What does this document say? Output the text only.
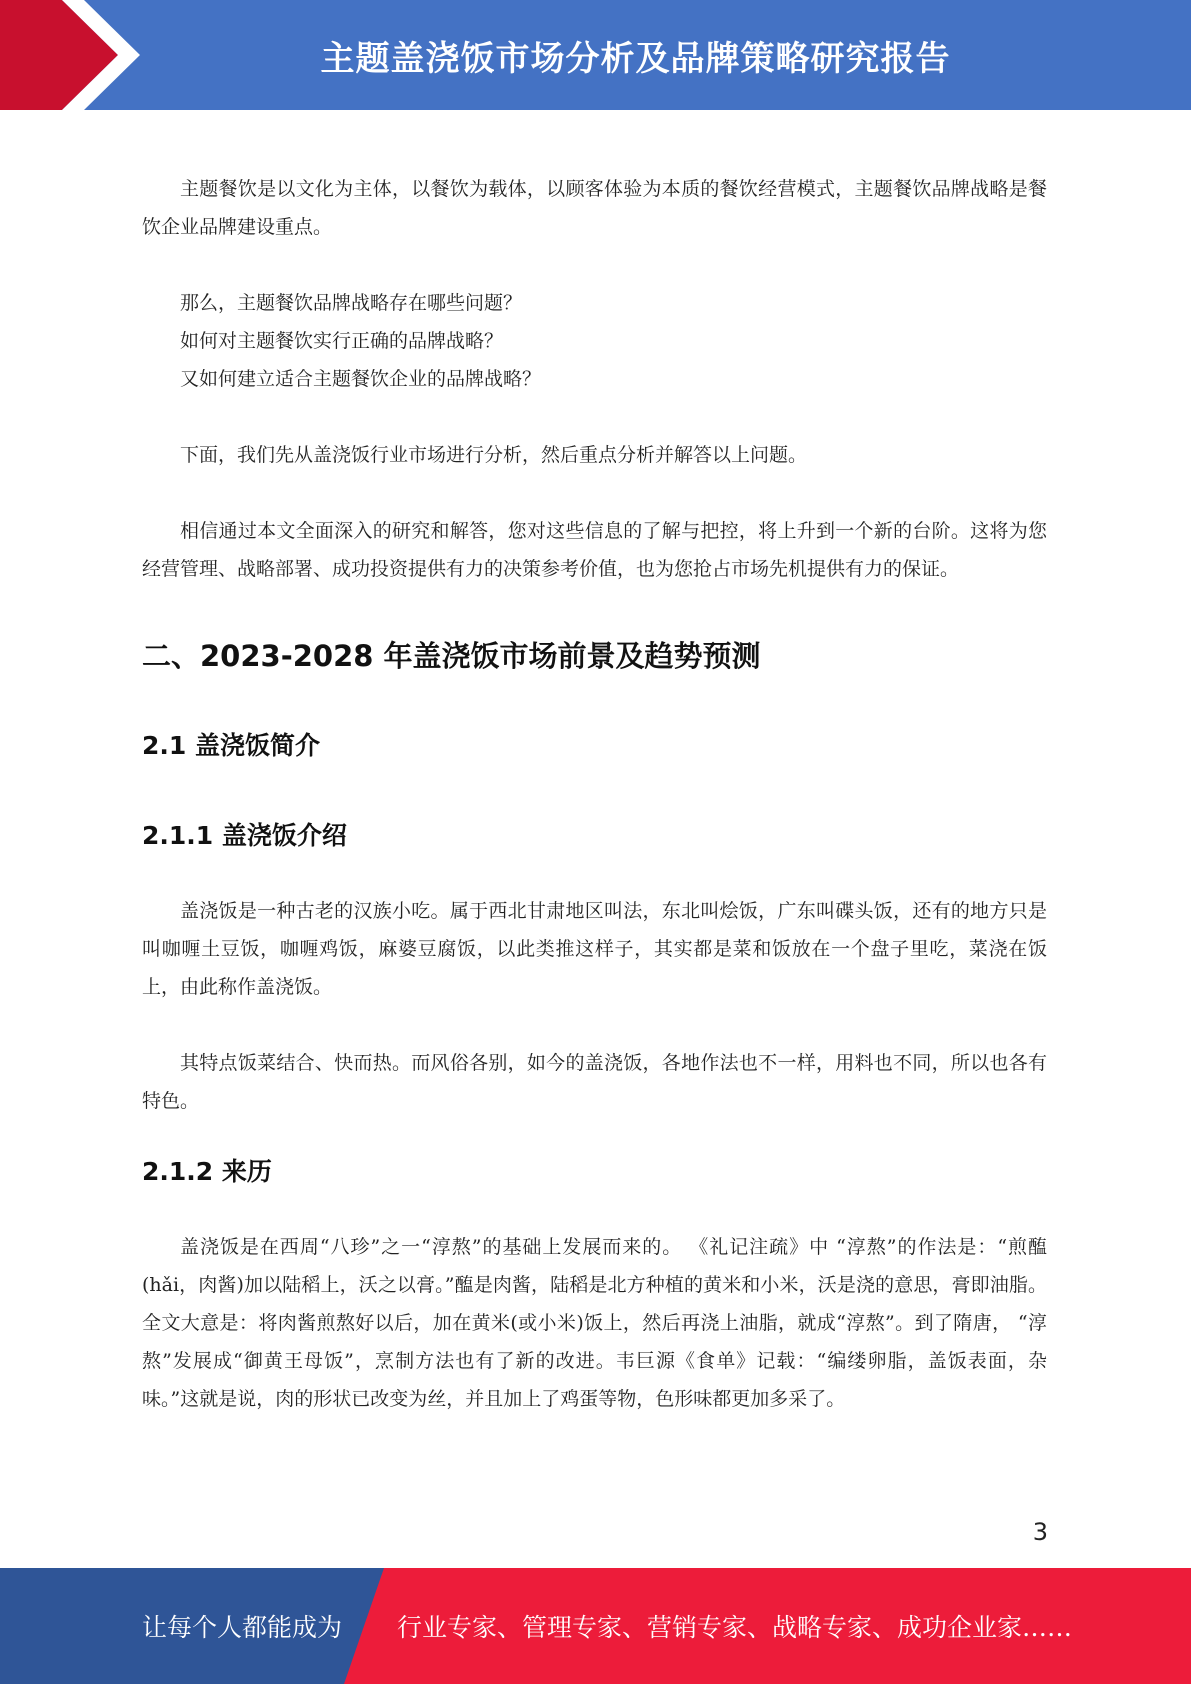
主题盖浇饭市场分析及品牌策略研究报告

主题餐饮是以文化为主体，以餐饮为载体，以顾客体验为本质的餐饮经营模式，主题餐饮品牌战略是餐饮企业品牌建设重点。

那么，主题餐饮品牌战略存在哪些问题？

如何对主题餐饮实行正确的品牌战略？

又如何建立适合主题餐饮企业的品牌战略？

下面，我们先从盖浇饭行业市场进行分析，然后重点分析并解答以上问题。

相信通过本文全面深入的研究和解答，您对这些信息的了解与把控，将上升到一个新的台阶。这将为您经营管理、战略部署、成功投资提供有力的决策参考价值，也为您抢占市场先机提供有力的保证。

二、2023-2028 年盖浇饭市场前景及趋势预测
2.1 盖浇饭简介
2.1.1 盖浇饭介绍

盖浇饭是一种古老的汉族小吃。属于西北甘肃地区叫法，东北叫烩饭，广东叫碟头饭，还有的地方只是叫咖喱土豆饭，咖喱鸡饭，麻婆豆腐饭，以此类推这样子，其实都是菜和饭放在一个盘子里吃，菜浇在饭上，由此称作盖浇饭。

其特点饭菜结合、快而热。而风俗各别，如今的盖浇饭，各地作法也不一样，用料也不同，所以也各有特色。

2.1.2 来历

盖浇饭是在西周“八珍”之一“淳熬”的基础上发展而来的。 《礼记注疏》中 “淳熬”的作法是：“煎醢(hǎi，肉酱)加以陆稻上，沃之以膏。”醢是肉酱，陆稻是北方种植的黄米和小米，沃是浇的意思，膏即油脂。全文大意是：将肉酱煎熬好以后，加在黄米(或小米)饭上，然后再浇上油脂，就成“淳熬”。到了隋唐， “淳熬”发展成“御黄王母饭”，烹制方法也有了新的改进。韦巨源《食单》记载：“编缕卵脂，盖饭表面，杂味。”这就是说，肉的形状已改变为丝，并且加上了鸡蛋等物，色形味都更加多采了。

3
让每个人都能成为 行业专家、管理专家、营销专家、战略专家、成功企业家……
